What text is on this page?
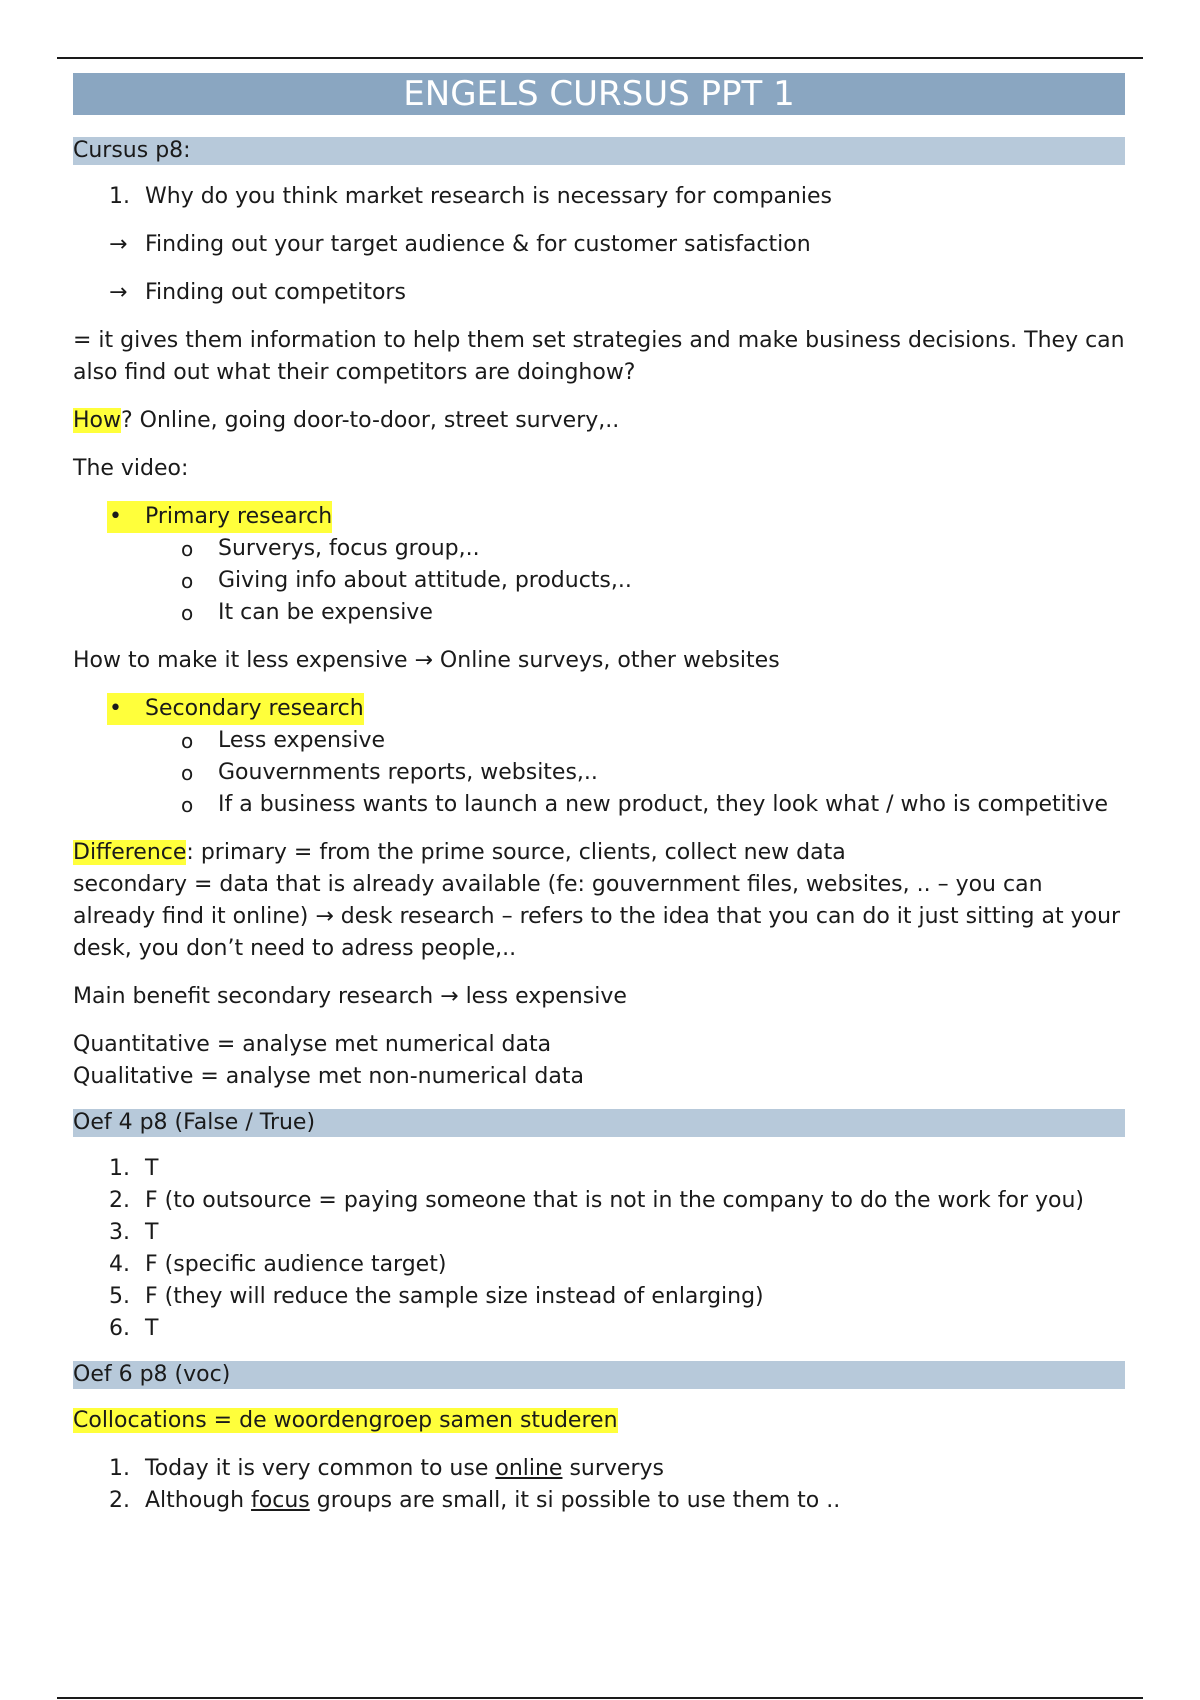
ENGELS CURSUS PPT 1
Cursus p8:
1. Why do you think market research is necessary for companies
→ Finding out your target audience & for customer satisfaction
→ Finding out competitors

= it gives them information to help them set strategies and make business decisions. They can also find out what their competitors are doinghow?

How? Online, going door-to-door, street survery,..

The video:

•	Primary research
o Surverys, focus group,..
o Giving info about attitude, products,..
o It can be expensive

How to make it less expensive → Online surveys, other websites

•	Secondary research
o Less expensive
o Gouvernments reports, websites,..
o If a business wants to launch a new product, they look what / who is competitive

Difference: primary = from the prime source, clients, collect new data
secondary = data that is already available (fe: gouvernment files, websites, .. – you can already find it online) → desk research – refers to the idea that you can do it just sitting at your desk, you don’t need to adress people,..

Main benefit secondary research → less expensive

Quantitative = analyse met numerical data
Qualitative = analyse met non-numerical data

Oef 4 p8 (False / True)
1. T
2. F (to outsource = paying someone that is not in the company to do the work for you)
3. T
4. F (specific audience target)
5. F (they will reduce the sample size instead of enlarging)
6. T
Oef 6 p8 (voc)

Collocations = de woordengroep samen studeren

1. Today it is very common to use online surverys
2. Although focus groups are small, it si possible to use them to ..
